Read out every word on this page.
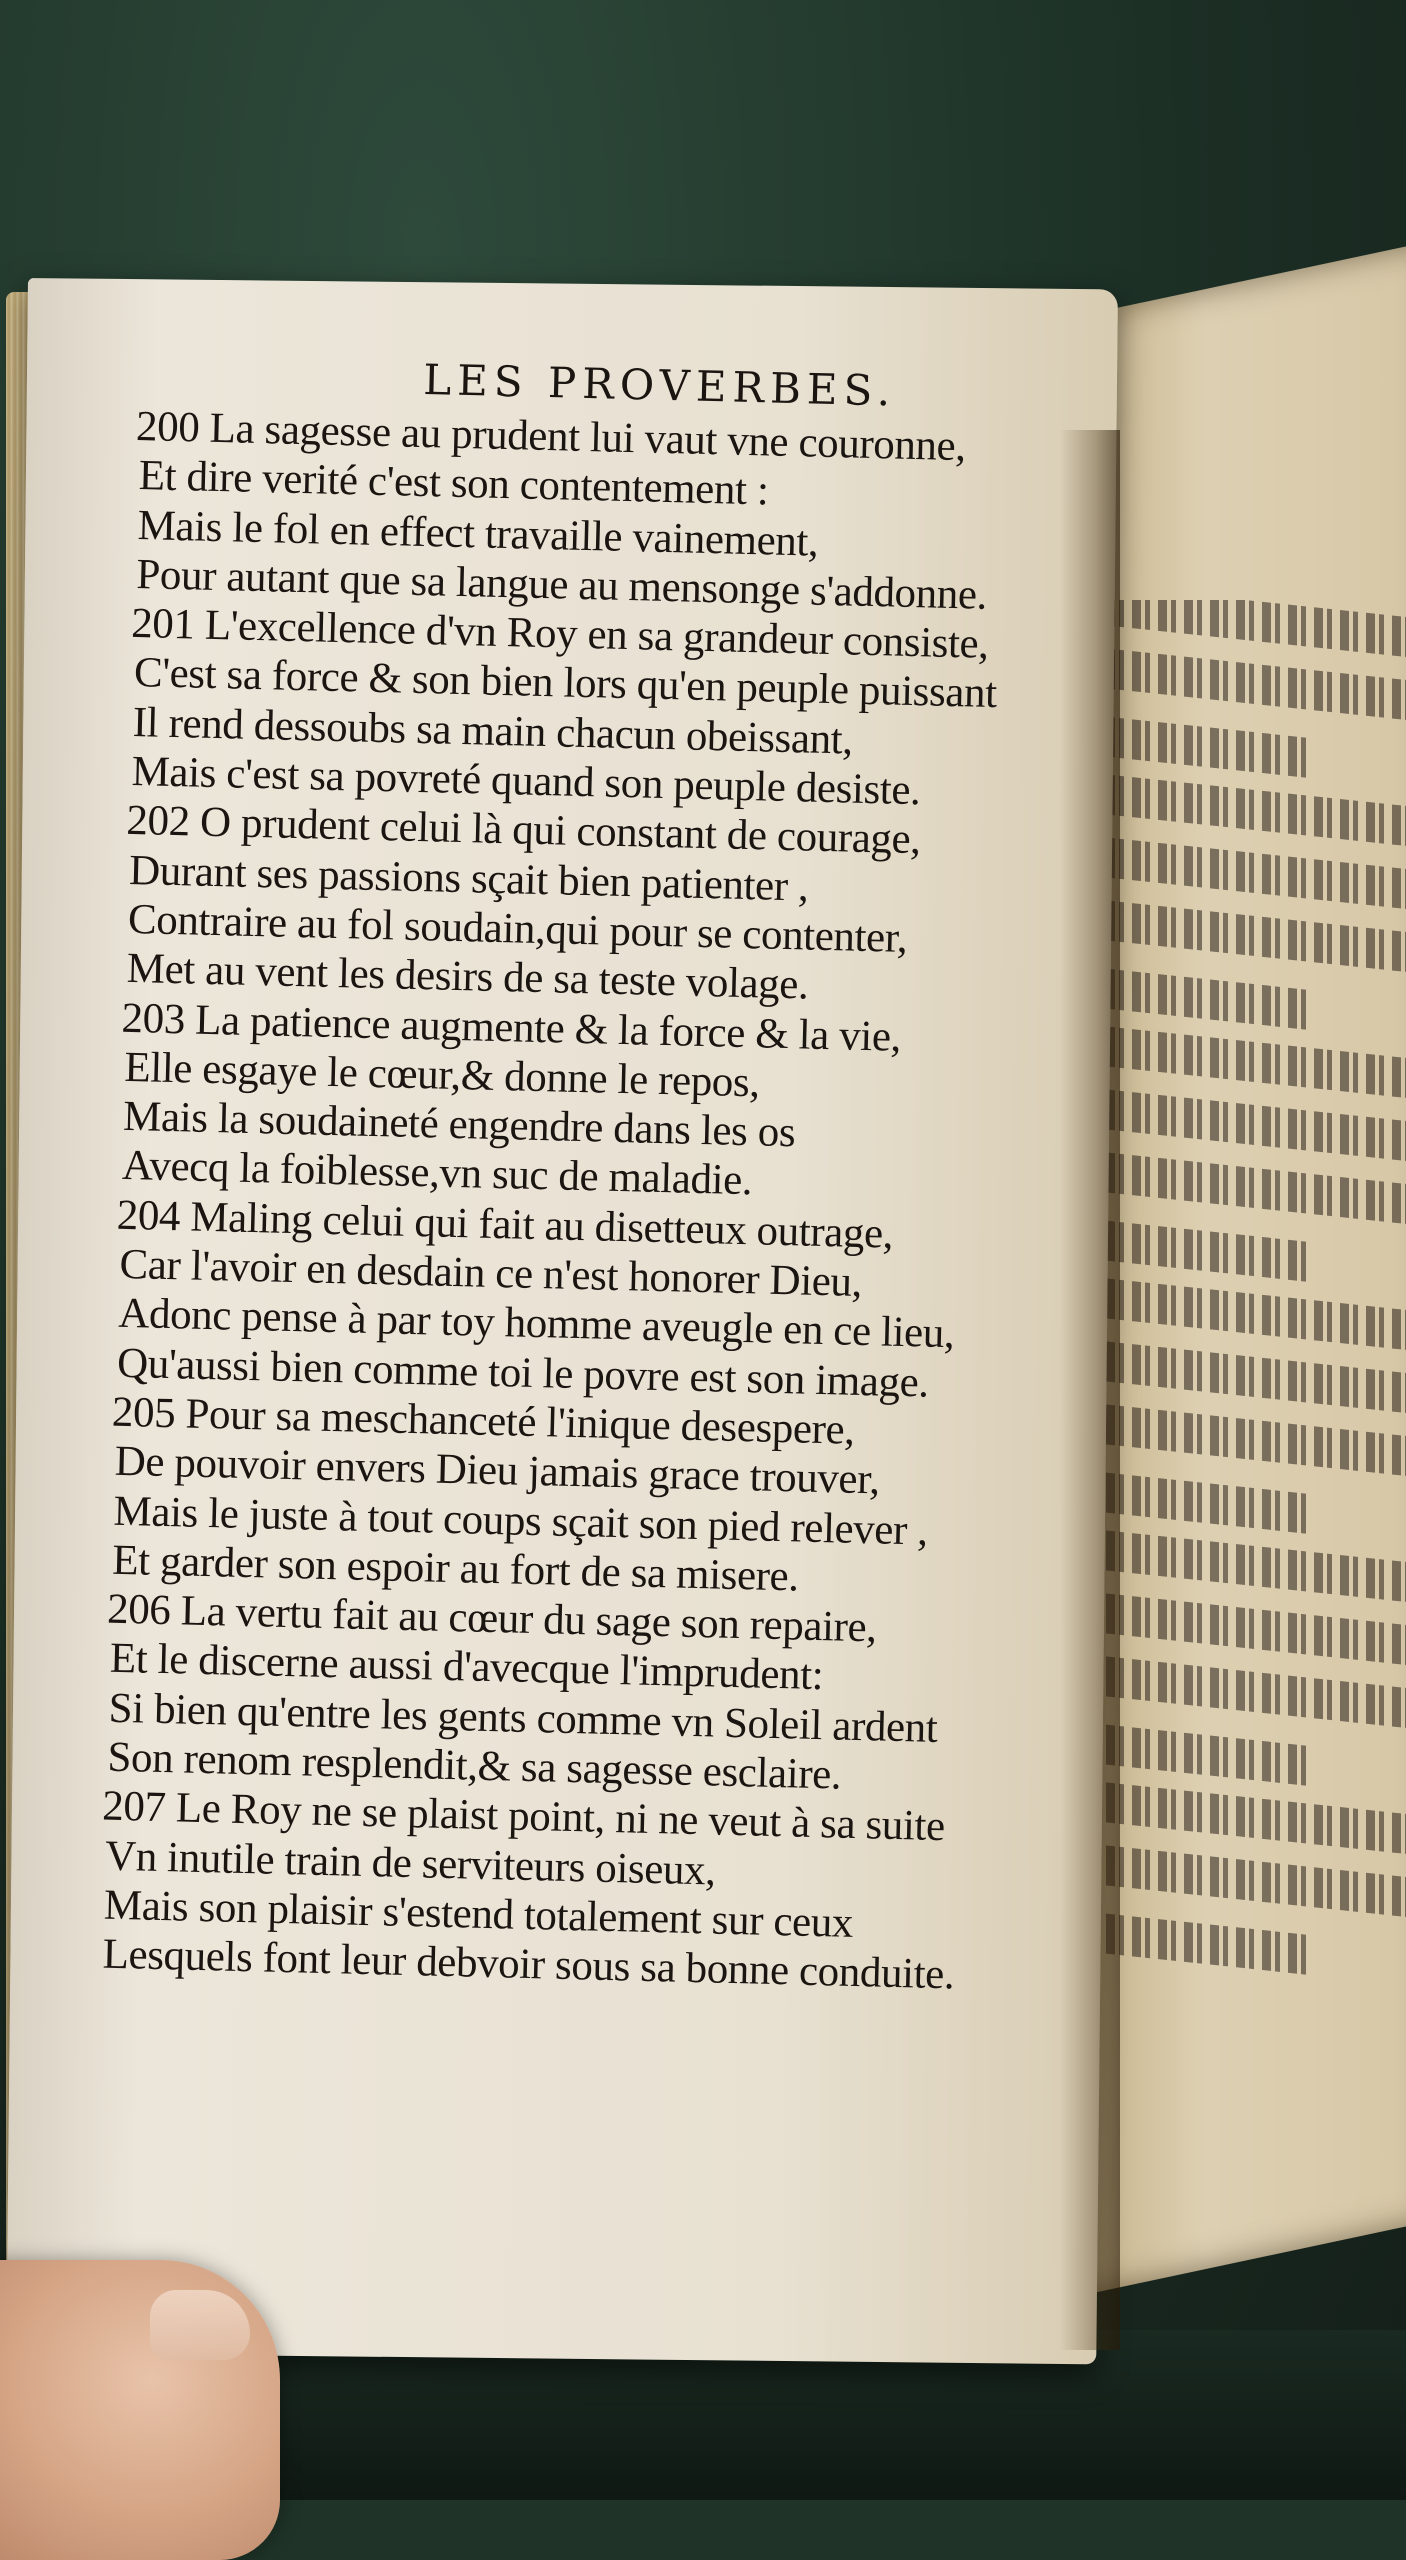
LES PROVERBES.
200 La sagesse au prudent lui vaut vne couronne,
Et dire verité c'est son contentement :
Mais le fol en effect travaille vainement,
Pour autant que sa langue au mensonge s'addonne.
201 L'excellence d'vn Roy en sa grandeur consiste,
C'est sa force & son bien lors qu'en peuple puissant
Il rend dessoubs sa main chacun obeissant,
Mais c'est sa povreté quand son peuple desiste.
202 O prudent celui là qui constant de courage,
Durant ses passions sçait bien patienter ,
Contraire au fol soudain,qui pour se contenter,
Met au vent les desirs de sa teste volage.
203 La patience augmente & la force & la vie,
Elle esgaye le cœur,& donne le repos,
Mais la soudaineté engendre dans les os
Avecq la foiblesse,vn suc de maladie.
204 Maling celui qui fait au disetteux outrage,
Car l'avoir en desdain ce n'est honorer Dieu,
Adonc pense à par toy homme aveugle en ce lieu,
Qu'aussi bien comme toi le povre est son image.
205 Pour sa meschanceté l'inique desespere,
De pouvoir envers Dieu jamais grace trouver,
Mais le juste à tout coups sçait son pied relever ,
Et garder son espoir au fort de sa misere.
206 La vertu fait au cœur du sage son repaire,
Et le discerne aussi d'avecque l'imprudent:
Si bien qu'entre les gents comme vn Soleil ardent
Son renom resplendit,& sa sagesse esclaire.
207 Le Roy ne se plaist point, ni ne veut à sa suite
Vn inutile train de serviteurs oiseux,
Mais son plaisir s'estend totalement sur ceux
Lesquels font leur debvoir sous sa bonne conduite.
